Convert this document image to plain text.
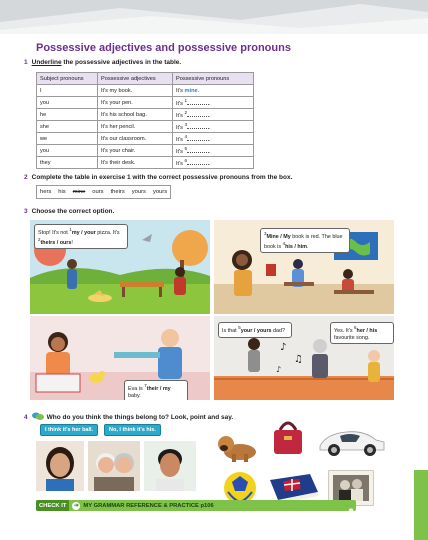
Possessive adjectives and possessive pronouns
1 Underline the possessive adjectives in the table.
Subject pronouns	Possessive adjectives	Possessive pronouns
I	It's my book.	It's mine.
you	It's your pen.	It's $^1$.
he	It's his school bag.	It's $^2$.
she	It's her pencil.	It's $^3$.
we	It's our classroom.	It's $^4$.
you	It's your chair.	It's $^5$.
they	It's their desk.	It's $^6$.
2 Complete the table in exercise 1 with the correct possessive pronouns from the box.
hers his mine ours theirs yours yours
3 Choose the correct option.
Stop! It's not $^1$my / your pizza. It's $^2$theirs / ours!
$^3$Mine / My book is red. The blue book is $^4$his / him.
Eva is $^7$their / my baby.
♪
♫
♪
Is that $^5$your / yours dad?	Yes. It's $^6$her / his favourite song.
4	Who do you think the things belong to? Look, point and say.
I think it's her ball.	No, I think it's his.
CHECK IT	➜ MY GRAMMAR REFERENCE & PRACTICE p106
●● Avito
